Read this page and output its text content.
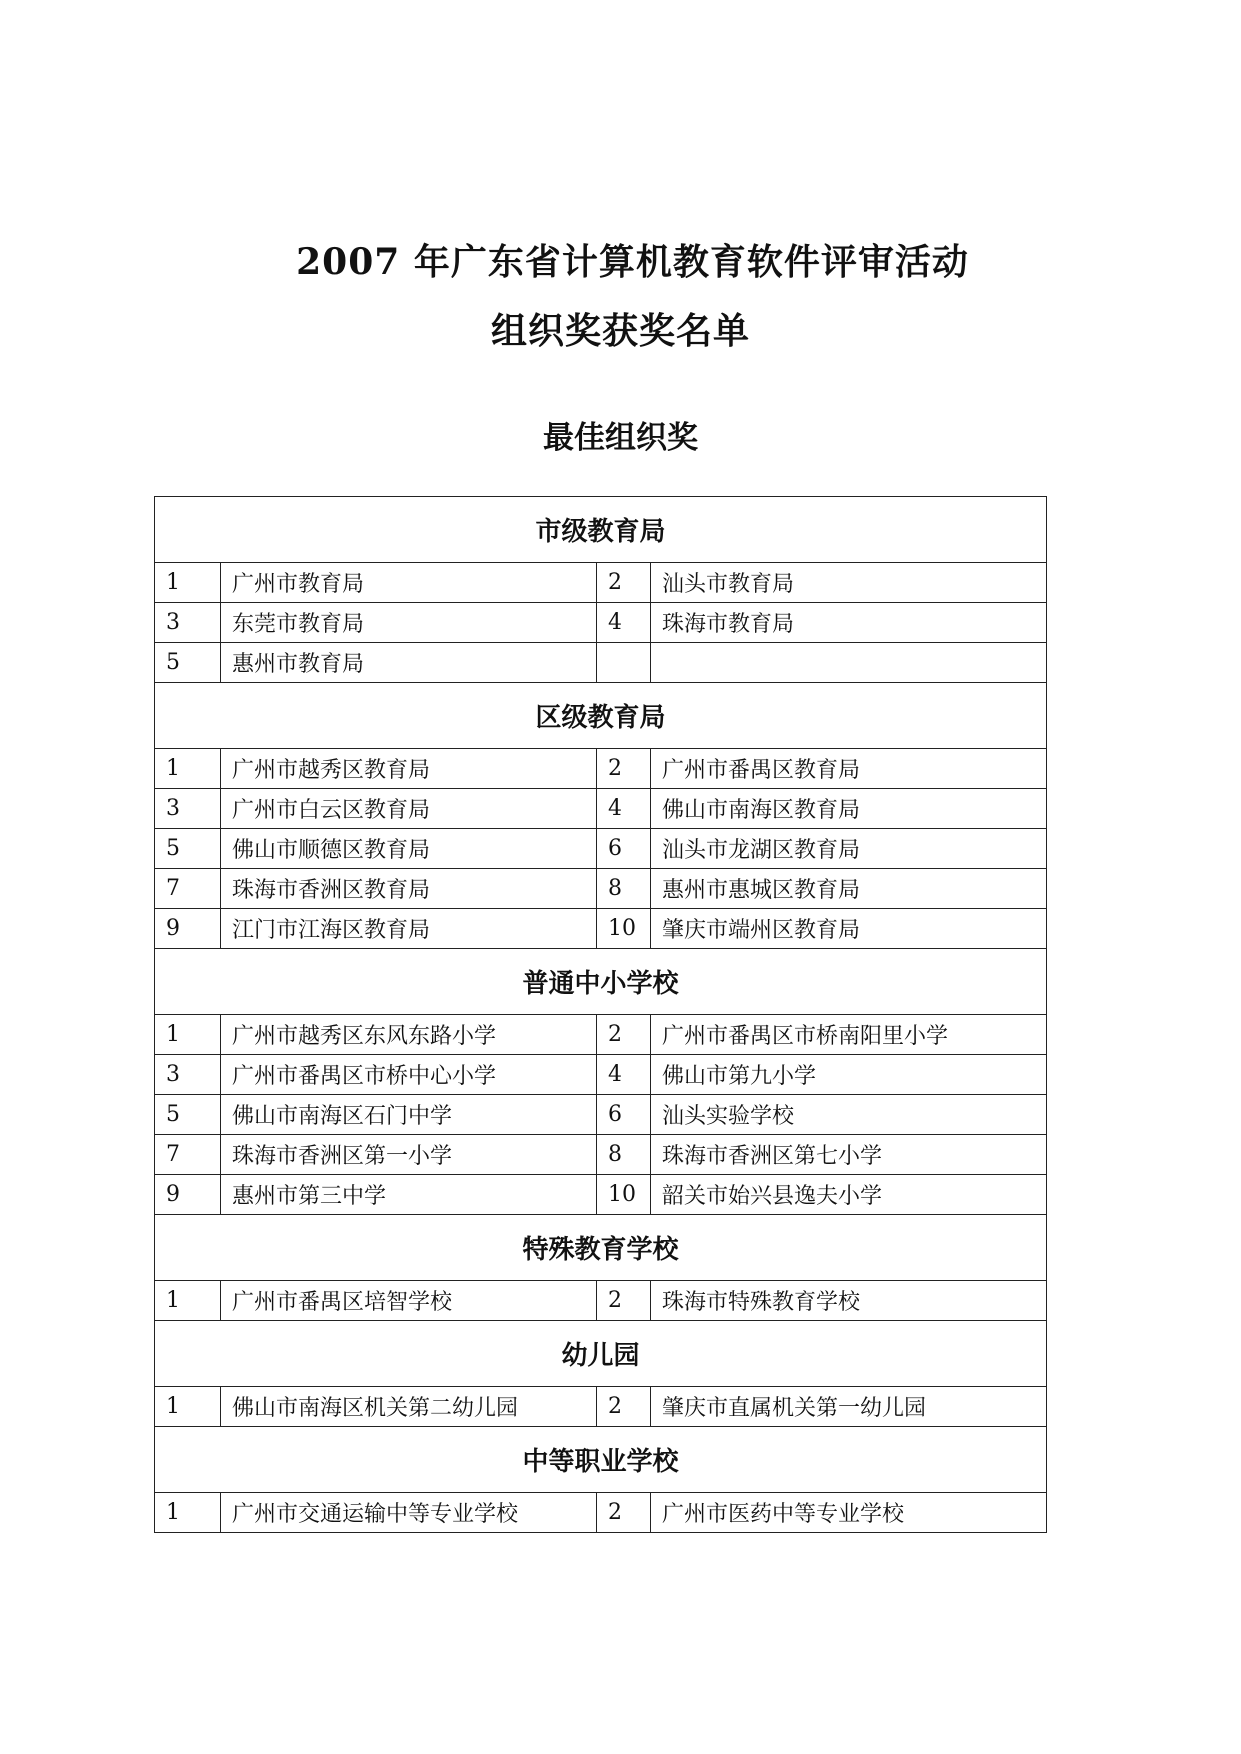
2007 年广东省计算机教育软件评审活动
组织奖获奖名单
最佳组织奖
市级教育局			
1	广州市教育局	2	汕头市教育局
3	东莞市教育局	4	珠海市教育局
5	惠州市教育局		
区级教育局			
1	广州市越秀区教育局	2	广州市番禺区教育局
3	广州市白云区教育局	4	佛山市南海区教育局
5	佛山市顺德区教育局	6	汕头市龙湖区教育局
7	珠海市香洲区教育局	8	惠州市惠城区教育局
9	江门市江海区教育局	10	肇庆市端州区教育局
普通中小学校			
1	广州市越秀区东风东路小学	2	广州市番禺区市桥南阳里小学
3	广州市番禺区市桥中心小学	4	佛山市第九小学
5	佛山市南海区石门中学	6	汕头实验学校
7	珠海市香洲区第一小学	8	珠海市香洲区第七小学
9	惠州市第三中学	10	韶关市始兴县逸夫小学
特殊教育学校			
1	广州市番禺区培智学校	2	珠海市特殊教育学校
幼儿园			
1	佛山市南海区机关第二幼儿园	2	肇庆市直属机关第一幼儿园
中等职业学校			
1	广州市交通运输中等专业学校	2	广州市医药中等专业学校
